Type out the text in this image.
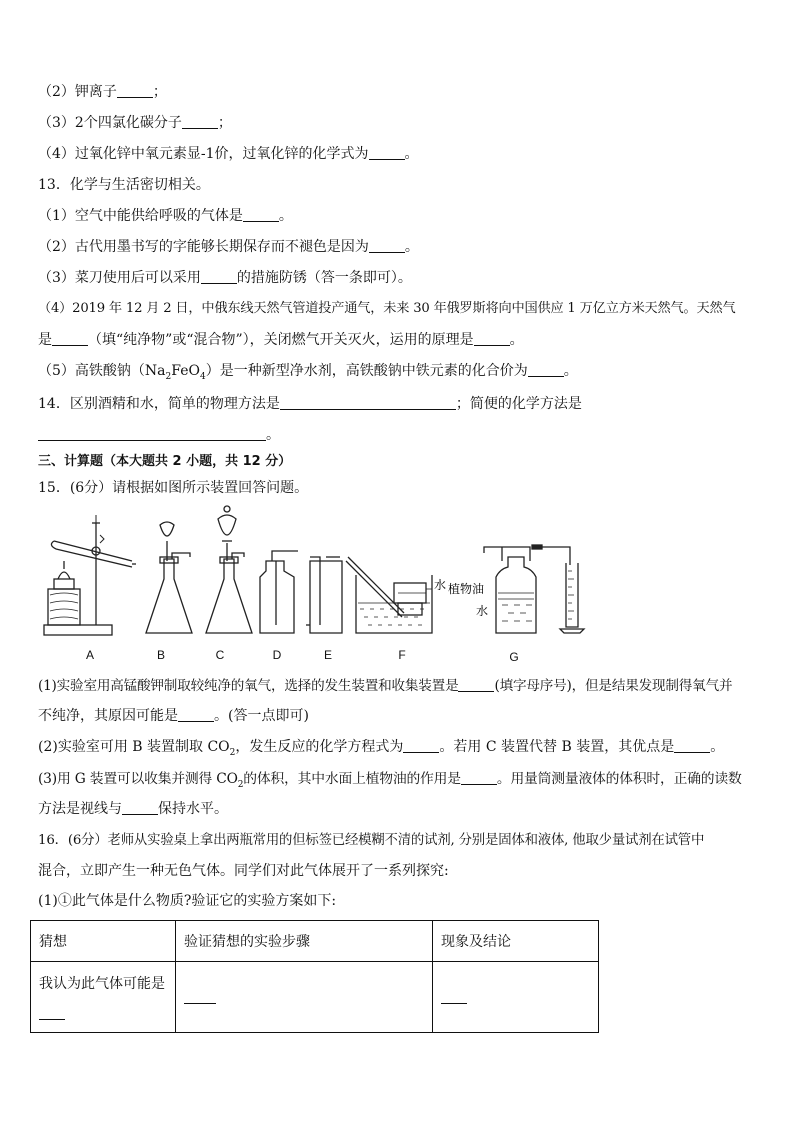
（2）钾离子	；
（3）2个四氯化碳分子	；
（4）过氧化锌中氧元素显-1价，过氧化锌的化学式为	。
13．化学与生活密切相关。
（1）空气中能供给呼吸的气体是	。
（2）古代用墨书写的字能够长期保存而不褪色是因为	。
（3）菜刀使用后可以采用	的措施防锈（答一条即可）。
（4）2019 年 12 月 2 日，中俄东线天然气管道投产通气，未来 30 年俄罗斯将向中国供应 1 万亿立方米天然气。天然气
是	（填“纯净物”或“混合物”），关闭燃气开关灭火，运用的原理是	。
（5）高铁酸钠$(Na_2FeO_4)$是一种新型净水剂，高铁酸钠中铁元素的化合价为	。
14．区别酒精和水，简单的物理方法是	；简便的化学方法是
。
三、计算题（本大题共 2 小题，共 12 分）
15．(6分）请根据如图所示装置回答问题。
水 植物油
水
A	B	C	D	E	F	G
(1)实验室用高锰酸钾制取较纯净的氧气，选择的发生装置和收集装置是	(填字母序号)，但是结果发现制得氧气并
不纯净，其原因可能是	。(答一点即可)
(2)实验室可用 B 装置制取 $CO_2$，发生反应的化学方程式为	。若用 C 装置代替 B 装置，其优点是	。
(3)用 G 装置可以收集并测得 $CO_2$的体积，其中水面上植物油的作用是	。用量筒测量液体的体积时，正确的读数
方法是视线与	保持水平。
16．(6分）老师从实验桌上拿出两瓶常用的但标签已经模糊不清的试剂, 分别是固体和液体, 他取少量试剂在试管中
混合，立即产生一种无色气体。同学们对此气体展开了一系列探究:
(1)①此气体是什么物质?验证它的实验方案如下:
猜想	验证猜想的实验步骤	现象及结论

我认为此气体可能是		
